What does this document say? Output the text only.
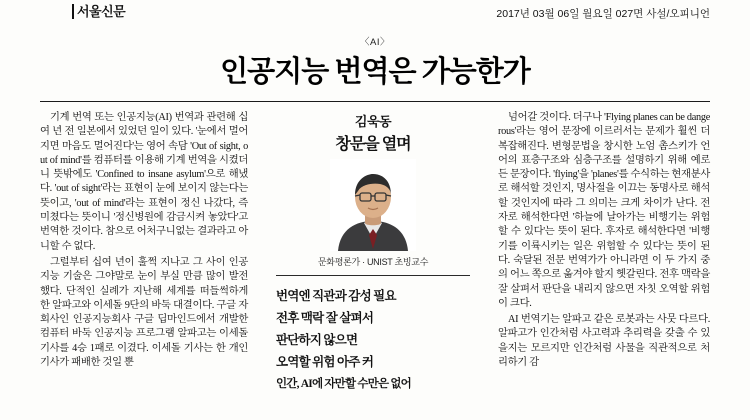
서울신문	2017년 03월 06일 월요일 027면 사설/오피니언
〈AI〉
인공지능 번역은 가능한가

기계 번역 또는 인공지능(AI) 번역과 관련해 십여 년 전 일본에서 있었던 일이 있다. '눈에서 멀어지면 마음도 멀어진다'는 영어 속담 'Out of sight, out of mind'를 컴퓨터를 이용해 기계 번역을 시켰더니 뜻밖에도 'Confined to insane asylum'으로 해냈다. 'out of sight'라는 표현이 눈에 보이지 않는다는 뜻이고, 'out of mind'라는 표현이 정신 나갔다, 즉 미쳤다는 뜻이니 '정신병원에 감금시켜 놓았다'고 번역한 것이다. 참으로 어처구니없는 결과라고 아니할 수 없다.

그럴부터 십여 년이 훌쩍 지나고 그 사이 인공지능 기술은 그야말로 눈이 부실 만큼 많이 발전했다. 단적인 실례가 지난해 세계를 떠들썩하게 한 알파고와 이세돌 9단의 바둑 대결이다. 구글 자회사인 인공지능회사 구글 딥마인드에서 개발한 컴퓨터 바둑 인공지능 프로그램 알파고는 이세돌 기사를 4승 1패로 이겼다. 이세돌 기사는 한 개인 기사가 패배한 것일 뿐

김욱동
창문을 열며
문화평론가 · UNIST 초빙교수
번역엔 직관과 감성 필요
전후 맥락 잘 살펴서
판단하지 않으면
오역할 위험 아주 커
인간, AI에 자만할 수만은 없어

넘어갈 것이다. 더구나 'Flying planes can be dangerous'라는 영어 문장에 이르러서는 문제가 훨씬 더 복잡해진다. 변형문법을 창시한 노엄 촘스키가 언어의 표층구조와 심층구조를 설명하기 위해 예로 든 문장이다. 'flying'을 'planes'를 수식하는 현재분사로 해석할 것인지, 명사절을 이끄는 동명사로 해석할 것인지에 따라 그 의미는 크게 차이가 난다. 전자로 해석한다면 '하늘에 날아가는 비행기는 위험할 수 있다'는 뜻이 된다. 후자로 해석한다면 '비행기를 이륙시키는 일은 위험할 수 있다'는 뜻이 된다. 숙달된 전문 번역가가 아니라면 이 두 가지 중의 어느 쪽으로 옮겨야 할지 헷갈린다. 전후 맥락을 잘 살펴서 판단을 내리지 않으면 자칫 오역할 위험이 크다.

AI 번역기는 알파고 같은 로봇과는 사뭇 다르다. 알파고가 인간처럼 사고력과 추리력을 갖출 수 있을지는 모르지만 인간처럼 사물을 직관적으로 처리하기 감
